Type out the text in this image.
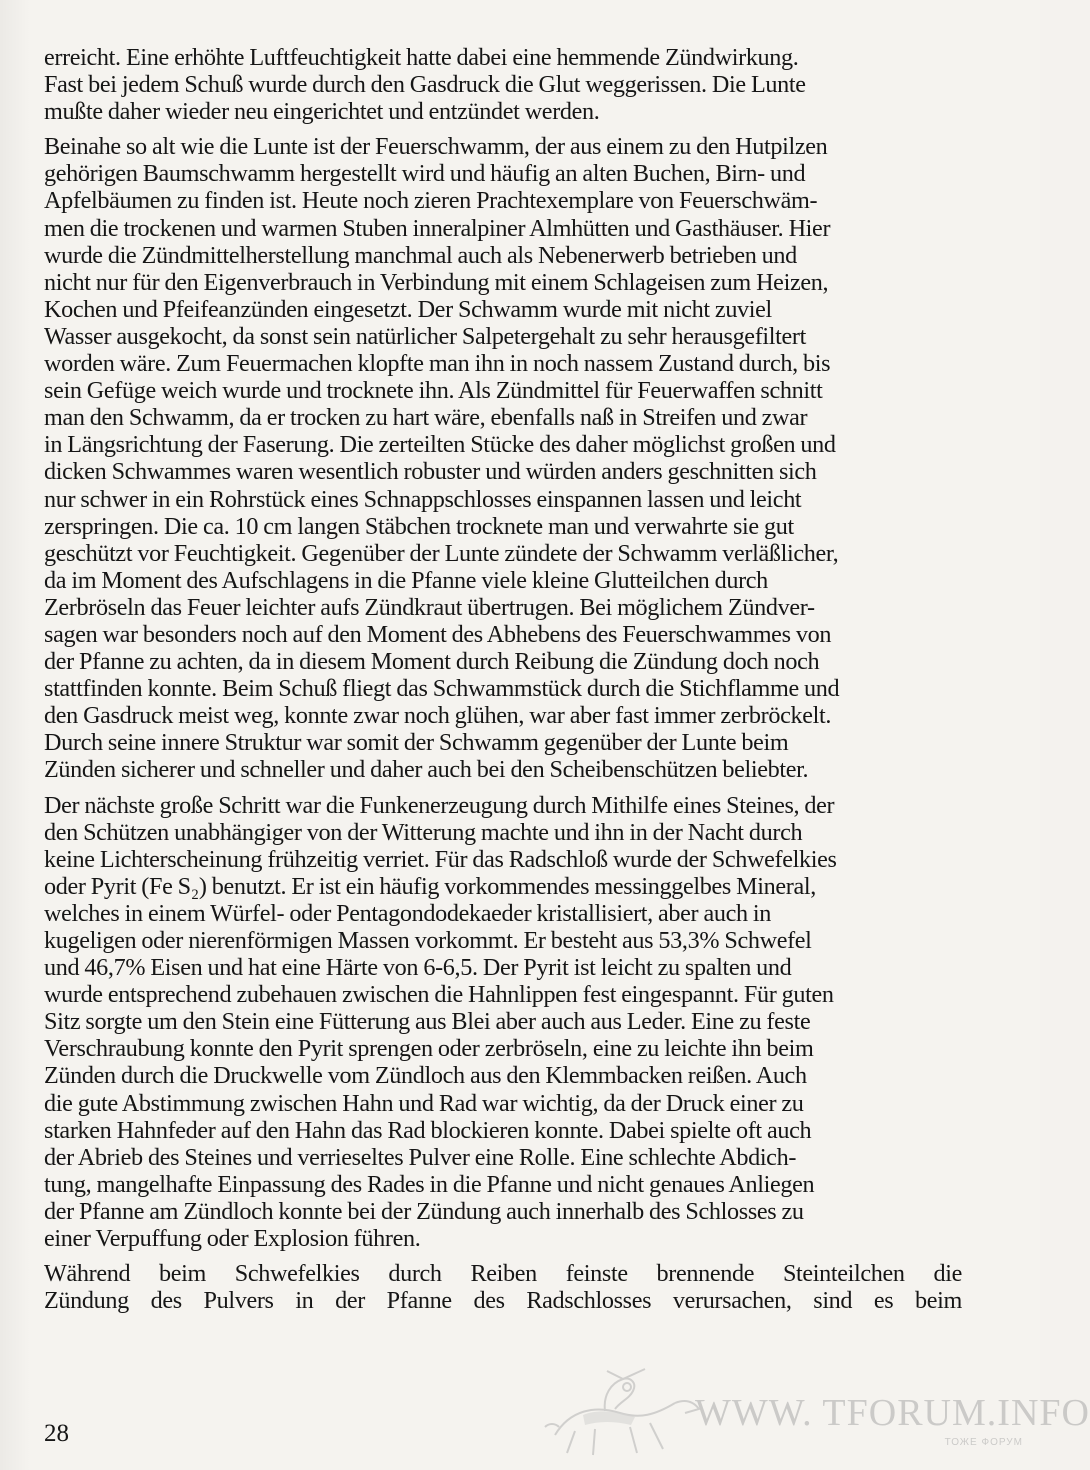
erreicht. Eine erhöhte Luftfeuchtigkeit hatte dabei eine hemmende Zündwirkung.
Fast bei jedem Schuß wurde durch den Gasdruck die Glut weggerissen. Die Lunte
mußte daher wieder neu eingerichtet und entzündet werden.

Beinahe so alt wie die Lunte ist der Feuerschwamm, der aus einem zu den Hutpilzen
gehörigen Baumschwamm hergestellt wird und häufig an alten Buchen, Birn- und
Apfelbäumen zu finden ist. Heute noch zieren Prachtexemplare von Feuerschwäm-
men die trockenen und warmen Stuben inneralpiner Almhütten und Gasthäuser. Hier
wurde die Zündmittelherstellung manchmal auch als Nebenerwerb betrieben und
nicht nur für den Eigenverbrauch in Verbindung mit einem Schlageisen zum Heizen,
Kochen und Pfeifeanzünden eingesetzt. Der Schwamm wurde mit nicht zuviel
Wasser ausgekocht, da sonst sein natürlicher Salpetergehalt zu sehr herausgefiltert
worden wäre. Zum Feuermachen klopfte man ihn in noch nassem Zustand durch, bis
sein Gefüge weich wurde und trocknete ihn. Als Zündmittel für Feuerwaffen schnitt
man den Schwamm, da er trocken zu hart wäre, ebenfalls naß in Streifen und zwar
in Längsrichtung der Faserung. Die zerteilten Stücke des daher möglichst großen und
dicken Schwammes waren wesentlich robuster und würden anders geschnitten sich
nur schwer in ein Rohrstück eines Schnappschlosses einspannen lassen und leicht
zerspringen. Die ca. 10 cm langen Stäbchen trocknete man und verwahrte sie gut
geschützt vor Feuchtigkeit. Gegenüber der Lunte zündete der Schwamm verläßlicher,
da im Moment des Aufschlagens in die Pfanne viele kleine Glutteilchen durch
Zerbröseln das Feuer leichter aufs Zündkraut übertrugen. Bei möglichem Zündver-
sagen war besonders noch auf den Moment des Abhebens des Feuerschwammes von
der Pfanne zu achten, da in diesem Moment durch Reibung die Zündung doch noch
stattfinden konnte. Beim Schuß fliegt das Schwammstück durch die Stichflamme und
den Gasdruck meist weg, konnte zwar noch glühen, war aber fast immer zerbröckelt.
Durch seine innere Struktur war somit der Schwamm gegenüber der Lunte beim
Zünden sicherer und schneller und daher auch bei den Scheibenschützen beliebter.

Der nächste große Schritt war die Funkenerzeugung durch Mithilfe eines Steines, der
den Schützen unabhängiger von der Witterung machte und ihn in der Nacht durch
keine Lichterscheinung frühzeitig verriet. Für das Radschloß wurde der Schwefelkies
oder Pyrit (Fe S₂) benutzt. Er ist ein häufig vorkommendes messinggelbes Mineral,
welches in einem Würfel- oder Pentagondodekaeder kristallisiert, aber auch in
kugeligen oder nierenförmigen Massen vorkommt. Er besteht aus 53,3% Schwefel
und 46,7% Eisen und hat eine Härte von 6-6,5. Der Pyrit ist leicht zu spalten und
wurde entsprechend zubehauen zwischen die Hahnlippen fest eingespannt. Für guten
Sitz sorgte um den Stein eine Fütterung aus Blei aber auch aus Leder. Eine zu feste
Verschraubung konnte den Pyrit sprengen oder zerbröseln, eine zu leichte ihn beim
Zünden durch die Druckwelle vom Zündloch aus den Klemmbacken reißen. Auch
die gute Abstimmung zwischen Hahn und Rad war wichtig, da der Druck einer zu
starken Hahnfeder auf den Hahn das Rad blockieren konnte. Dabei spielte oft auch
der Abrieb des Steines und verrieseltes Pulver eine Rolle. Eine schlechte Abdich-
tung, mangelhafte Einpassung des Rades in die Pfanne und nicht genaues Anliegen
der Pfanne am Zündloch konnte bei der Zündung auch innerhalb des Schlosses zu
einer Verpuffung oder Explosion führen.

Während beim Schwefelkies durch Reiben feinste brennende Steinteilchen die
Zündung des Pulvers in der Pfanne des Radschlosses verursachen, sind es beim

WWW. TFORUM.INFO
ТОЖЕ ФОРУМ
28
